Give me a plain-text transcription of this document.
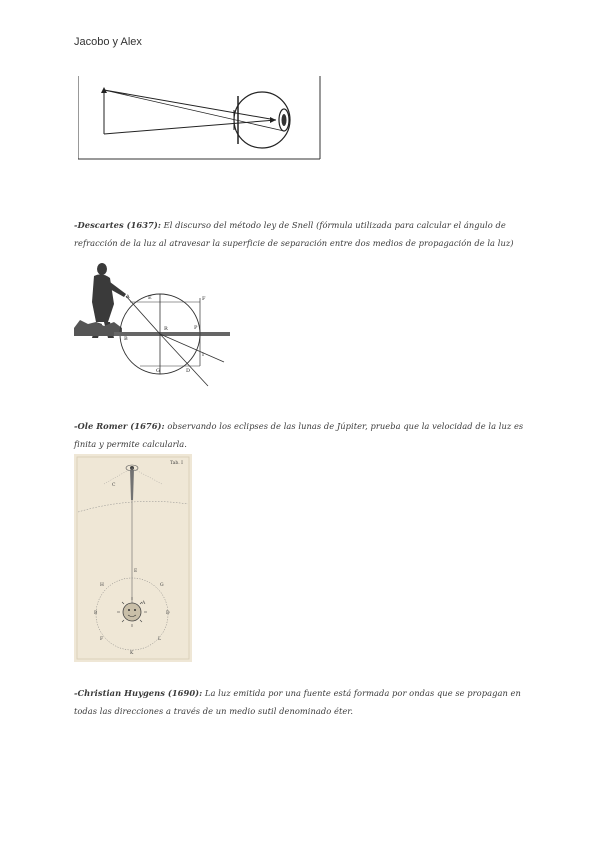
Jacobo y Alex
-Descartes (1637): El discurso del método ley de Snell (fórmula utilizada para calcular el ángulo de refracción de la luz al atravesar la superficie de separación entre dos medios de propagación de la luz)
A	E	F
B
R	P
G	D
I
-Ole Romer (1676): observando los eclipses de las lunas de Júpiter, prueba que la velocidad de la luz es finita y permite calcularla.
Tab. I
C
E
H	G
B
A
D
F	L
K
-Christian Huygens (1690): La luz emitida por una fuente está formada por ondas que se propagan en todas las direcciones a través de un medio sutil denominado éter.
